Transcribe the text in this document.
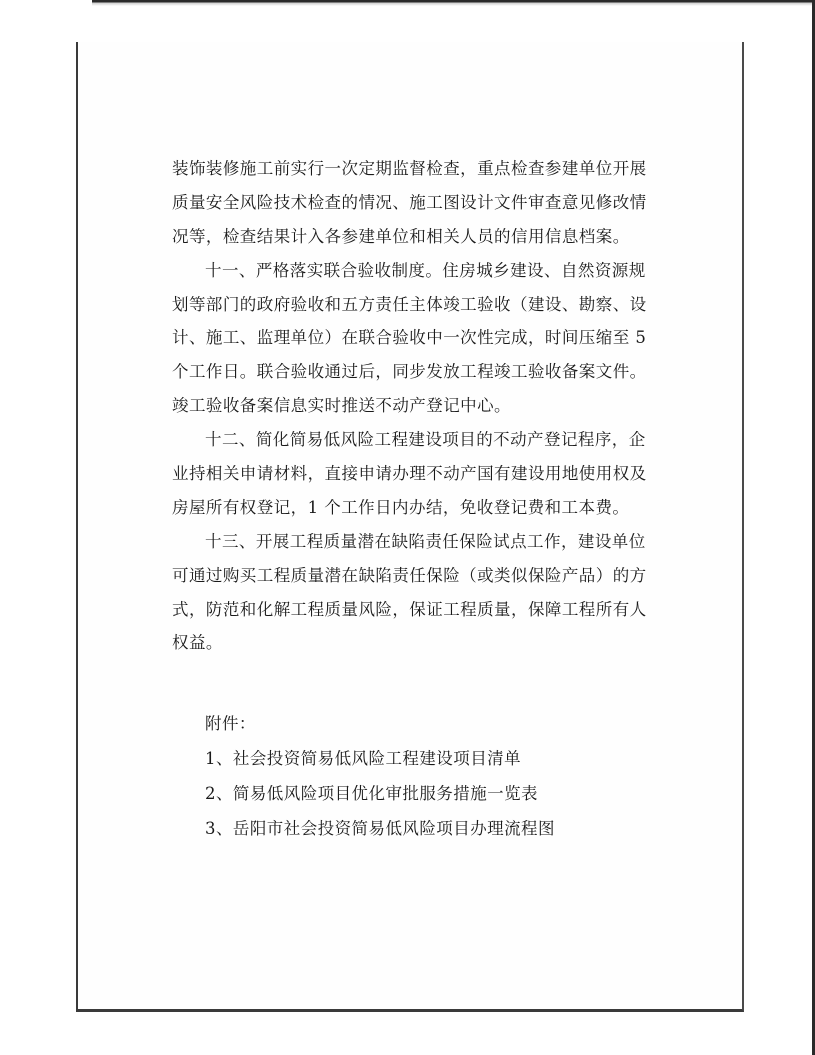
装饰装修施工前实行一次定期监督检查，重点检查参建单位开展
质量安全风险技术检查的情况、施工图设计文件审查意见修改情
况等，检查结果计入各参建单位和相关人员的信用信息档案。
十一、严格落实联合验收制度。住房城乡建设、自然资源规
划等部门的政府验收和五方责任主体竣工验收（建设、勘察、设
计、施工、监理单位）在联合验收中一次性完成，时间压缩至 5
个工作日。联合验收通过后，同步发放工程竣工验收备案文件。
竣工验收备案信息实时推送不动产登记中心。
十二、简化简易低风险工程建设项目的不动产登记程序，企
业持相关申请材料，直接申请办理不动产国有建设用地使用权及
房屋所有权登记，1 个工作日内办结，免收登记费和工本费。
十三、开展工程质量潜在缺陷责任保险试点工作，建设单位
可通过购买工程质量潜在缺陷责任保险（或类似保险产品）的方
式，防范和化解工程质量风险，保证工程质量，保障工程所有人
权益。
附件：
1、社会投资简易低风险工程建设项目清单
2、简易低风险项目优化审批服务措施一览表
3、岳阳市社会投资简易低风险项目办理流程图
